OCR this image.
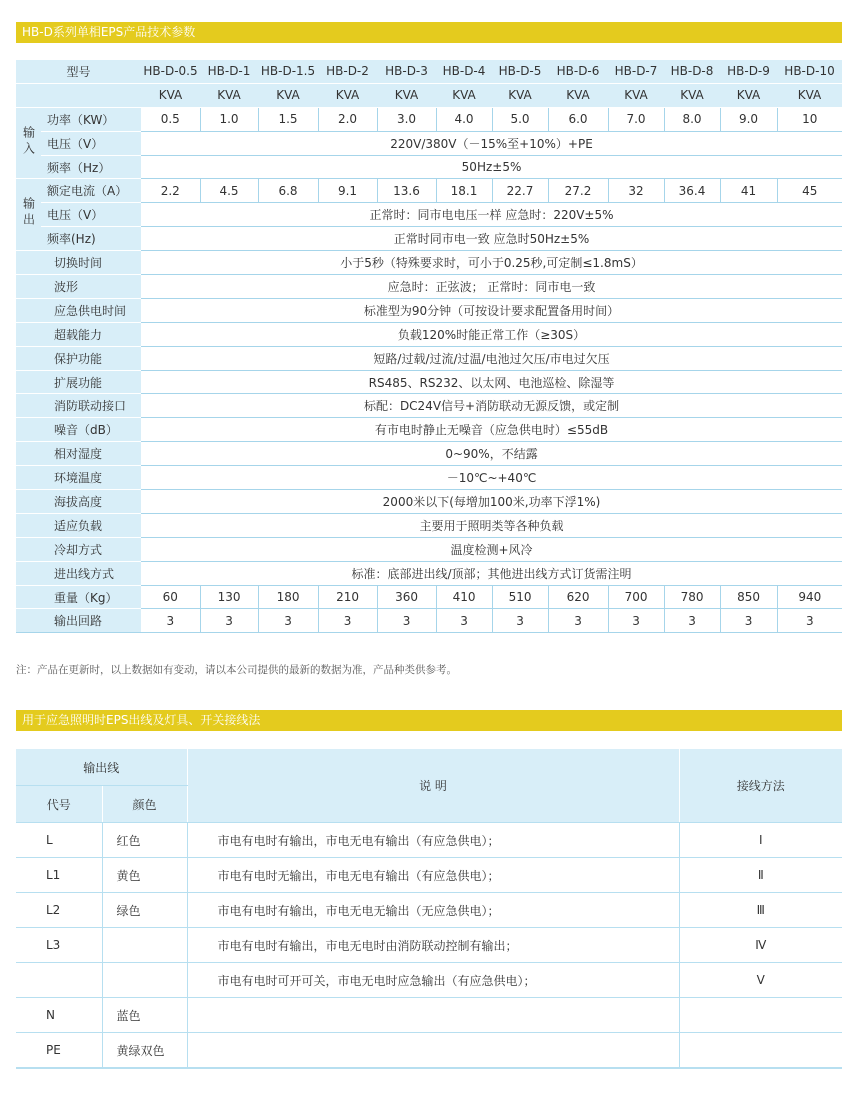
HB-D系列单相EPS产品技术参数
型号		HB-D-0.5	HB-D-1	HB-D-1.5	HB-D-2	HB-D-3	HB-D-4	HB-D-5	HB-D-6	HB-D-7	HB-D-8	HB-D-9	HB-D-10
		KVA	KVA	KVA	KVA	KVA	KVA	KVA	KVA	KVA	KVA	KVA	KVA
输入	功率（KW）	0.5	1.0	1.5	2.0	3.0	4.0	5.0	6.0	7.0	8.0	9.0	10
	电压（V）	220V/380V（－15%至+10%）+PE											
	频率（Hz）	50Hz±5%											
输出	额定电流（A）	2.2	4.5	6.8	9.1	13.6	18.1	22.7	27.2	32	36.4	41	45
	电压（V）	正常时：同市电电压一样 应急时：220V±5%											
	频率(Hz)	正常时同市电一致 应急时50Hz±5%											
切换时间		小于5秒（特殊要求时，可小于0.25秒,可定制≤1.8mS）											
波形		应急时：正弦波； 正常时：同市电一致											
应急供电时间		标准型为90分钟（可按设计要求配置备用时间）											
超载能力		负载120%时能正常工作（≥30S）											
保护功能		短路/过载/过流/过温/电池过欠压/市电过欠压											
扩展功能		RS485、RS232、以太网、电池巡检、除湿等											
消防联动接口		标配：DC24V信号+消防联动无源反馈，或定制											
噪音（dB）		有市电时静止无噪音（应急供电时）≤55dB											
相对湿度		0~90%，不结露											
环境温度		－10℃~+40℃											
海拔高度		2000米以下(每增加100米,功率下浮1%)											
适应负载		主要用于照明类等各种负载											
冷却方式		温度检测+风冷											
进出线方式		标准：底部进出线/顶部；其他进出线方式订货需注明											
重量（Kg）		60	130	180	210	360	410	510	620	700	780	850	940
输出回路		3	3	3	3	3	3	3	3	3	3	3	3
注：产品在更新时，以上数据如有变动，请以本公司提供的最新的数据为准，产品种类供参考。
用于应急照明时EPS出线及灯具、开关接线法
输出线		说 明	接线方法
代号	颜色		
L	红色	市电有电时有输出，市电无电有输出（有应急供电）；	Ⅰ
L1	黄色	市电有电时无输出，市电无电有输出（有应急供电）；	Ⅱ
L2	绿色	市电有电时有输出，市电无电无输出（无应急供电）；	Ⅲ
L3		市电有电时有输出，市电无电时由消防联动控制有输出；	Ⅳ
		市电有电时可开可关，市电无电时应急输出（有应急供电）；	Ⅴ
N	蓝色		
PE	黄绿双色		
